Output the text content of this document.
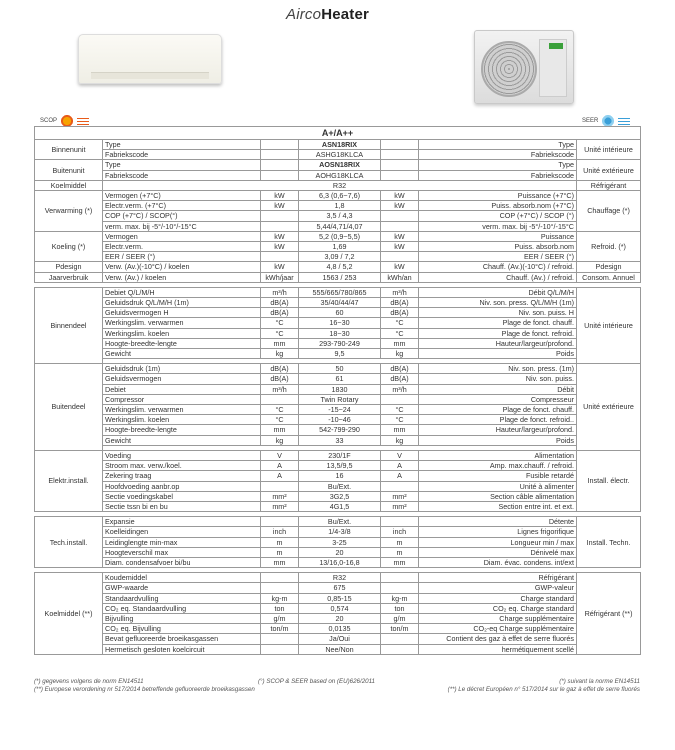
AircoHeater
SCOP	SEER
A+/A++						
Binnenunit	Type		ASN18RIX		Type	Unité intérieure
	Fabriekscode		ASHG18KLCA		Fabriekscode	
Buitenunit	Type		AOSN18RIX		Type	Unité extérieure
	Fabriekscode		AOHG18KLCA		Fabriekscode	
Koelmiddel	R32					Réfrigérant
Verwarming (*)	Vermogen (+7°C)	kW	6,3 (0,6~7,6)	kW	Puissance (+7°C)	Chauffage (*)
	Electr.verm. (+7°C)	kW	1,8	kW	Puiss. absorb.nom (+7°C)	
	COP (+7°C) / SCOP(°)		3,5 / 4,3		COP (+7°C) / SCOP (°)	
	verm. max. bij -5°/-10°/-15°C		5,44/4,71/4,07		verm. max. bij -5°/-10°/-15°C	
Koeling (*)	Vermogen	kW	5,2 (0,9~5,5)	kW	Puissance	Refroid. (*)
	Electr.verm.	kW	1,69	kW	Puiss. absorb.nom	
	EER / SEER (°)		3,09 / 7,2		EER / SEER (°)	
Pdesign	Verw. (Av.)(-10°C) / koelen	kW	4,8 / 5,2	kW	Chauff. (Av.)(-10°C) / refroid.	Pdesign
Jaarverbruik	Verw. (Av.) / koelen	kWh/jaar	1563 / 253	kWh/an	Chauff. (Av.) / refroid.	Consom. Annuel

Binnendeel	Debiet Q/L/M/H	m³/h	555/665/780/865	m³/h	Débit Q/L/M/H	Unité intérieure
	Geluidsdruk Q/L/M/H (1m)	dB(A)	35/40/44/47	dB(A)	Niv. son. press. Q/L/M/H (1m)	
	Geluidsvermogen H	dB(A)	60	dB(A)	Niv. son. puiss. H	
	Werkingslim. verwarmen	°C	16~30	°C	Plage de fonct. chauff.	
	Werkingslim. koelen	°C	18~30	°C	Plage de fonct. refroid.	
	Hoogte-breedte-lengte	mm	293-790-249	mm	Hauteur/largeur/profond.	
	Gewicht	kg	9,5	kg	Poids	

Buitendeel	Geluidsdruk (1m)	dB(A)	50	dB(A)	Niv. son. press. (1m)	Unité extérieure
	Geluidsvermogen	dB(A)	61	dB(A)	Niv. son. puiss.	
	Debiet	m³/h	1830	m³/h	Débit	
	Compressor		Twin Rotary		Compresseur	
	Werkingslim. verwarmen	°C	-15~24	°C	Plage de fonct. chauff.	
	Werkingslim. koelen	°C	-10~46	°C	Plage de fonct. refroid..	
	Hoogte-breedte-lengte	mm	542-799-290	mm	Hauteur/largeur/profond.	
	Gewicht	kg	33	kg	Poids	

Elektr.install.	Voeding	V	230/1F	V	Alimentation	Install. électr.
	Stroom max. verw./koel.	A	13,5/9,5	A	Amp. max.chauff. / refroid.	
	Zekering traag	A	16	A	Fusible retardé	
	Hoofdvoeding aanbr.op		Bu/Ext.		Unité à alimenter	
	Sectie voedingskabel	mm²	3G2,5	mm²	Section câble alimentation	
	Sectie tssn bi en bu	mm²	4G1,5	mm²	Section entre int. et ext.	

Tech.install.	Expansie		Bu/Ext.		Détente	Install. Techn.
	Koelleidingen	inch	1/4-3/8	inch	Lignes frigorifique	
	Leidinglengte min-max	m	3-25	m	Longueur min / max	
	Hoogteverschil max	m	20	m	Dénivelé max	
	Diam. condensafvoer bi/bu	mm	13/16,0-16,8	mm	Diam. évac. condens. int/ext	

Koelmiddel (**)	Koudemiddel		R32		Réfrigérant	Réfrigérant (**)
	GWP-waarde		675		GWP-valeur	
	Standaardvulling	kg-m	0,85-15	kg-m	Charge standard	
	CO₂ eq. Standaardvulling	ton	0,574	ton	CO₂ eq. Charge standard	
	Bijvulling	g/m	20	g/m	Charge supplémentaire	
	CO₂ eq. Bijvulling	ton/m	0,0135	ton/m	CO₂-eq Charge supplémentaire	
	Bevat gefluoreerde broeikasgassen		Ja/Oui		Contient des gaz à effet de serre fluorés	
	Hermetisch gesloten koelcircuit		Nee/Non		hermétiquement scellé	
(*) gegevens volgens de norm EN14511
(**) Europese verordening nr 517/2014 betreffende gefluoreerde broeikasgassen
(°) SCOP & SEER based on (EU)626/2011	(*) suivant la norme EN14511
(**) Le décret Européen n° 517/2014 sur le gaz à effet de serre fluorés
